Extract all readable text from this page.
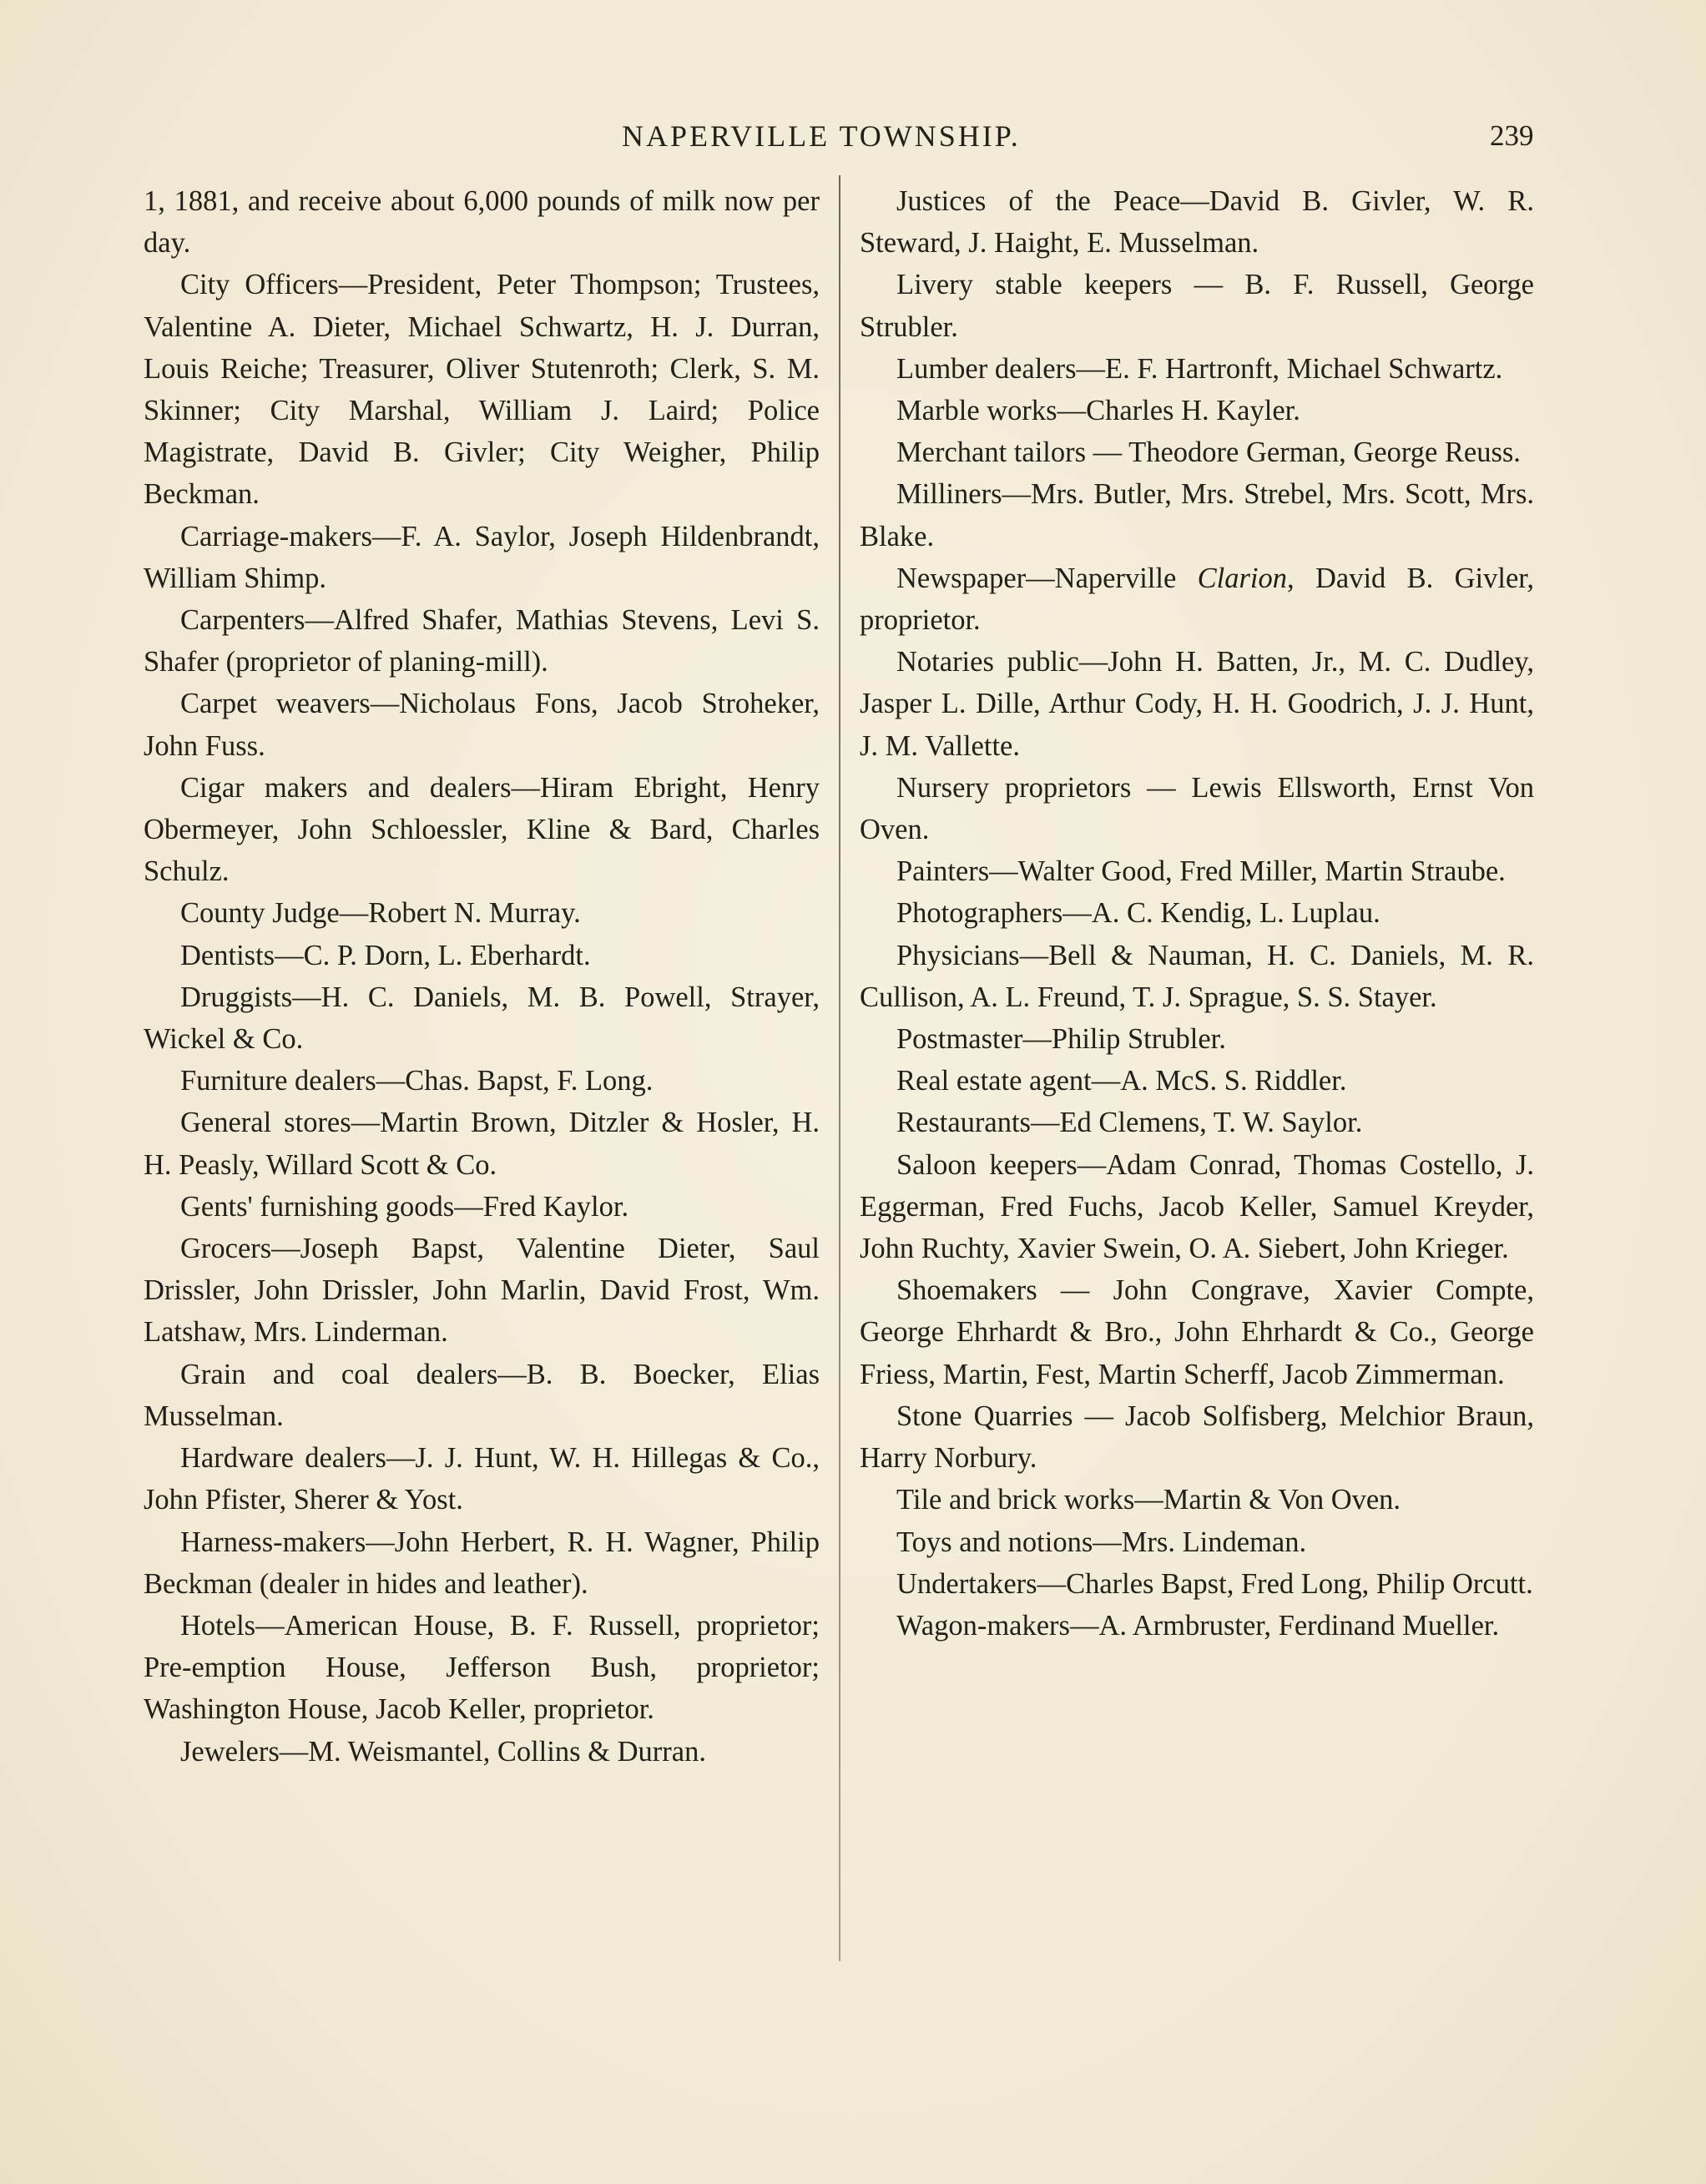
NAPERVILLE TOWNSHIP.	239

1, 1881, and receive about 6,000 pounds of milk now per day.

City Officers—President, Peter Thompson; Trustees, Valentine A. Dieter, Michael Schwartz, H. J. Durran, Louis Reiche; Treasurer, Oliver Stutenroth; Clerk, S. M. Skinner; City Marshal, William J. Laird; Police Magistrate, David B. Givler; City Weigher, Philip Beckman.

Carriage-makers—F. A. Saylor, Joseph Hildenbrandt, William Shimp.

Carpenters—Alfred Shafer, Mathias Stevens, Levi S. Shafer (proprietor of planing-mill).

Carpet weavers—Nicholaus Fons, Jacob Stroheker, John Fuss.

Cigar makers and dealers—Hiram Ebright, Henry Obermeyer, John Schloessler, Kline & Bard, Charles Schulz.

County Judge—Robert N. Murray.

Dentists—C. P. Dorn, L. Eberhardt.

Druggists—H. C. Daniels, M. B. Powell, Strayer, Wickel & Co.

Furniture dealers—Chas. Bapst, F. Long.

General stores—Martin Brown, Ditzler & Hosler, H. H. Peasly, Willard Scott & Co.

Gents' furnishing goods—Fred Kaylor.

Grocers—Joseph Bapst, Valentine Dieter, Saul Drissler, John Drissler, John Marlin, David Frost, Wm. Latshaw, Mrs. Linderman.

Grain and coal dealers—B. B. Boecker, Elias Musselman.

Hardware dealers—J. J. Hunt, W. H. Hillegas & Co., John Pfister, Sherer & Yost.

Harness-makers—John Herbert, R. H. Wagner, Philip Beckman (dealer in hides and leather).

Hotels—American House, B. F. Russell, proprietor; Pre-emption House, Jefferson Bush, proprietor; Washington House, Jacob Keller, proprietor.

Jewelers—M. Weismantel, Collins & Durran.

Justices of the Peace—David B. Givler, W. R. Steward, J. Haight, E. Musselman.

Livery stable keepers — B. F. Russell, George Strubler.

Lumber dealers—E. F. Hartronft, Michael Schwartz.

Marble works—Charles H. Kayler.

Merchant tailors — Theodore German, George Reuss.

Milliners—Mrs. Butler, Mrs. Strebel, Mrs. Scott, Mrs. Blake.

Newspaper—Naperville Clarion, David B. Givler, proprietor.

Notaries public—John H. Batten, Jr., M. C. Dudley, Jasper L. Dille, Arthur Cody, H. H. Goodrich, J. J. Hunt, J. M. Vallette.

Nursery proprietors — Lewis Ellsworth, Ernst Von Oven.

Painters—Walter Good, Fred Miller, Martin Straube.

Photographers—A. C. Kendig, L. Luplau.

Physicians—Bell & Nauman, H. C. Daniels, M. R. Cullison, A. L. Freund, T. J. Sprague, S. S. Stayer.

Postmaster—Philip Strubler.

Real estate agent—A. McS. S. Riddler.

Restaurants—Ed Clemens, T. W. Saylor.

Saloon keepers—Adam Conrad, Thomas Costello, J. Eggerman, Fred Fuchs, Jacob Keller, Samuel Kreyder, John Ruchty, Xavier Swein, O. A. Siebert, John Krieger.

Shoemakers — John Congrave, Xavier Compte, George Ehrhardt & Bro., John Ehrhardt & Co., George Friess, Martin, Fest, Martin Scherff, Jacob Zimmerman.

Stone Quarries — Jacob Solfisberg, Melchior Braun, Harry Norbury.

Tile and brick works—Martin & Von Oven.

Toys and notions—Mrs. Lindeman.

Undertakers—Charles Bapst, Fred Long, Philip Orcutt.

Wagon-makers—A. Armbruster, Ferdinand Mueller.
